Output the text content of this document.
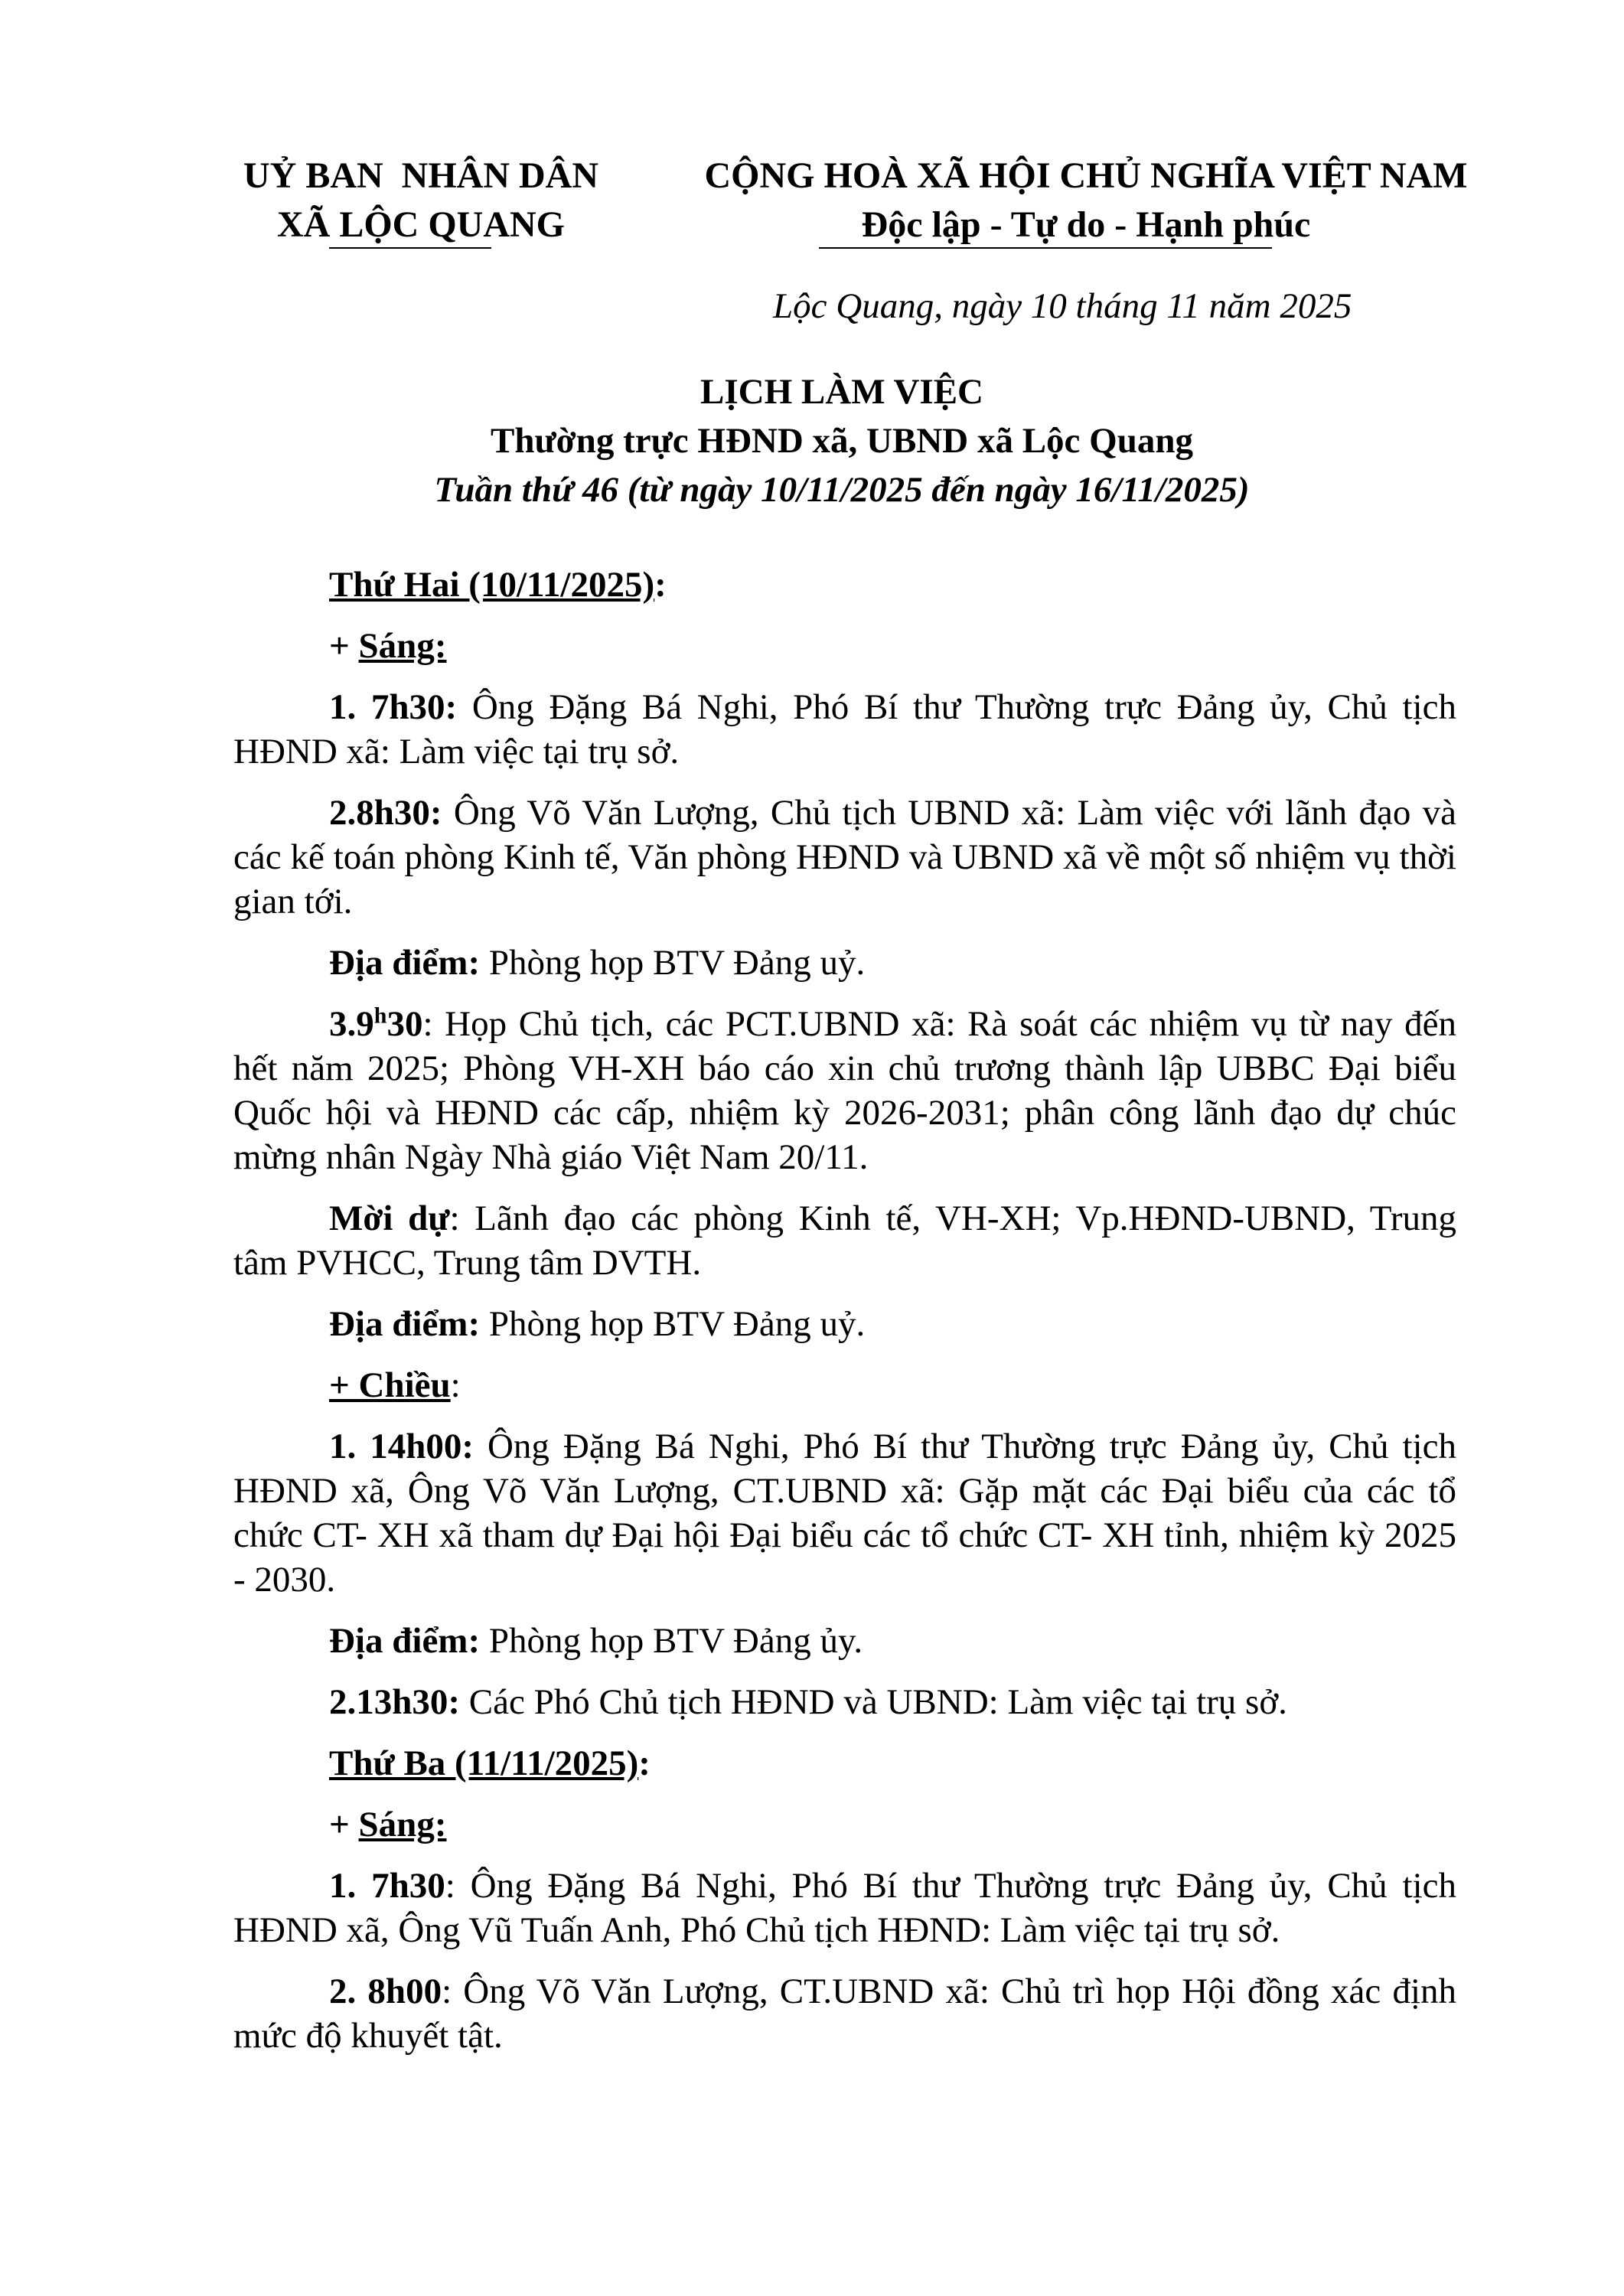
UỶ BAN  NHÂN DÂN
XÃ LỘC QUANG
CỘNG HOÀ XÃ HỘI CHỦ NGHĨA VIỆT NAM
Độc lập - Tự do - Hạnh phúc
Lộc Quang, ngày 10 tháng 11 năm 2025
LỊCH LÀM VIỆC
Thường trực HĐND xã, UBND xã Lộc Quang
Tuần thứ 46 (từ ngày 10/11/2025 đến ngày 16/11/2025)

Thứ Hai (10/11/2025):

+ Sáng:

1. 7h30: Ông Đặng Bá Nghi, Phó Bí thư Thường trực Đảng ủy, Chủ tịch HĐND xã: Làm việc tại trụ sở.

2.8h30: Ông Võ Văn Lượng, Chủ tịch UBND xã: Làm việc với lãnh đạo và các kế toán phòng Kinh tế, Văn phòng HĐND và UBND xã về một số nhiệm vụ thời gian tới.

Địa điểm: Phòng họp BTV Đảng uỷ.

3.9$^h$30: Họp Chủ tịch, các PCT.UBND xã: Rà soát các nhiệm vụ từ nay đến hết năm 2025; Phòng VH-XH báo cáo xin chủ trương thành lập UBBC Đại biểu Quốc hội và HĐND các cấp, nhiệm kỳ 2026-2031; phân công lãnh đạo dự chúc mừng nhân Ngày Nhà giáo Việt Nam 20/11.

Mời dự: Lãnh đạo các phòng Kinh tế, VH-XH; Vp.HĐND-UBND, Trung tâm PVHCC, Trung tâm DVTH.

Địa điểm: Phòng họp BTV Đảng uỷ.

+ Chiều:

1. 14h00: Ông Đặng Bá Nghi, Phó Bí thư Thường trực Đảng ủy, Chủ tịch HĐND xã, Ông Võ Văn Lượng, CT.UBND xã: Gặp mặt các Đại biểu của các tổ chức CT- XH xã tham dự Đại hội Đại biểu các tổ chức CT- XH tỉnh, nhiệm kỳ 2025 - 2030.

Địa điểm: Phòng họp BTV Đảng ủy.

2.13h30: Các Phó Chủ tịch HĐND và UBND: Làm việc tại trụ sở.

Thứ Ba (11/11/2025):

+ Sáng:

1. 7h30: Ông Đặng Bá Nghi, Phó Bí thư Thường trực Đảng ủy, Chủ tịch HĐND xã, Ông Vũ Tuấn Anh, Phó Chủ tịch HĐND: Làm việc tại trụ sở.

2. 8h00: Ông Võ Văn Lượng, CT.UBND xã: Chủ trì họp Hội đồng xác định mức độ khuyết tật.
